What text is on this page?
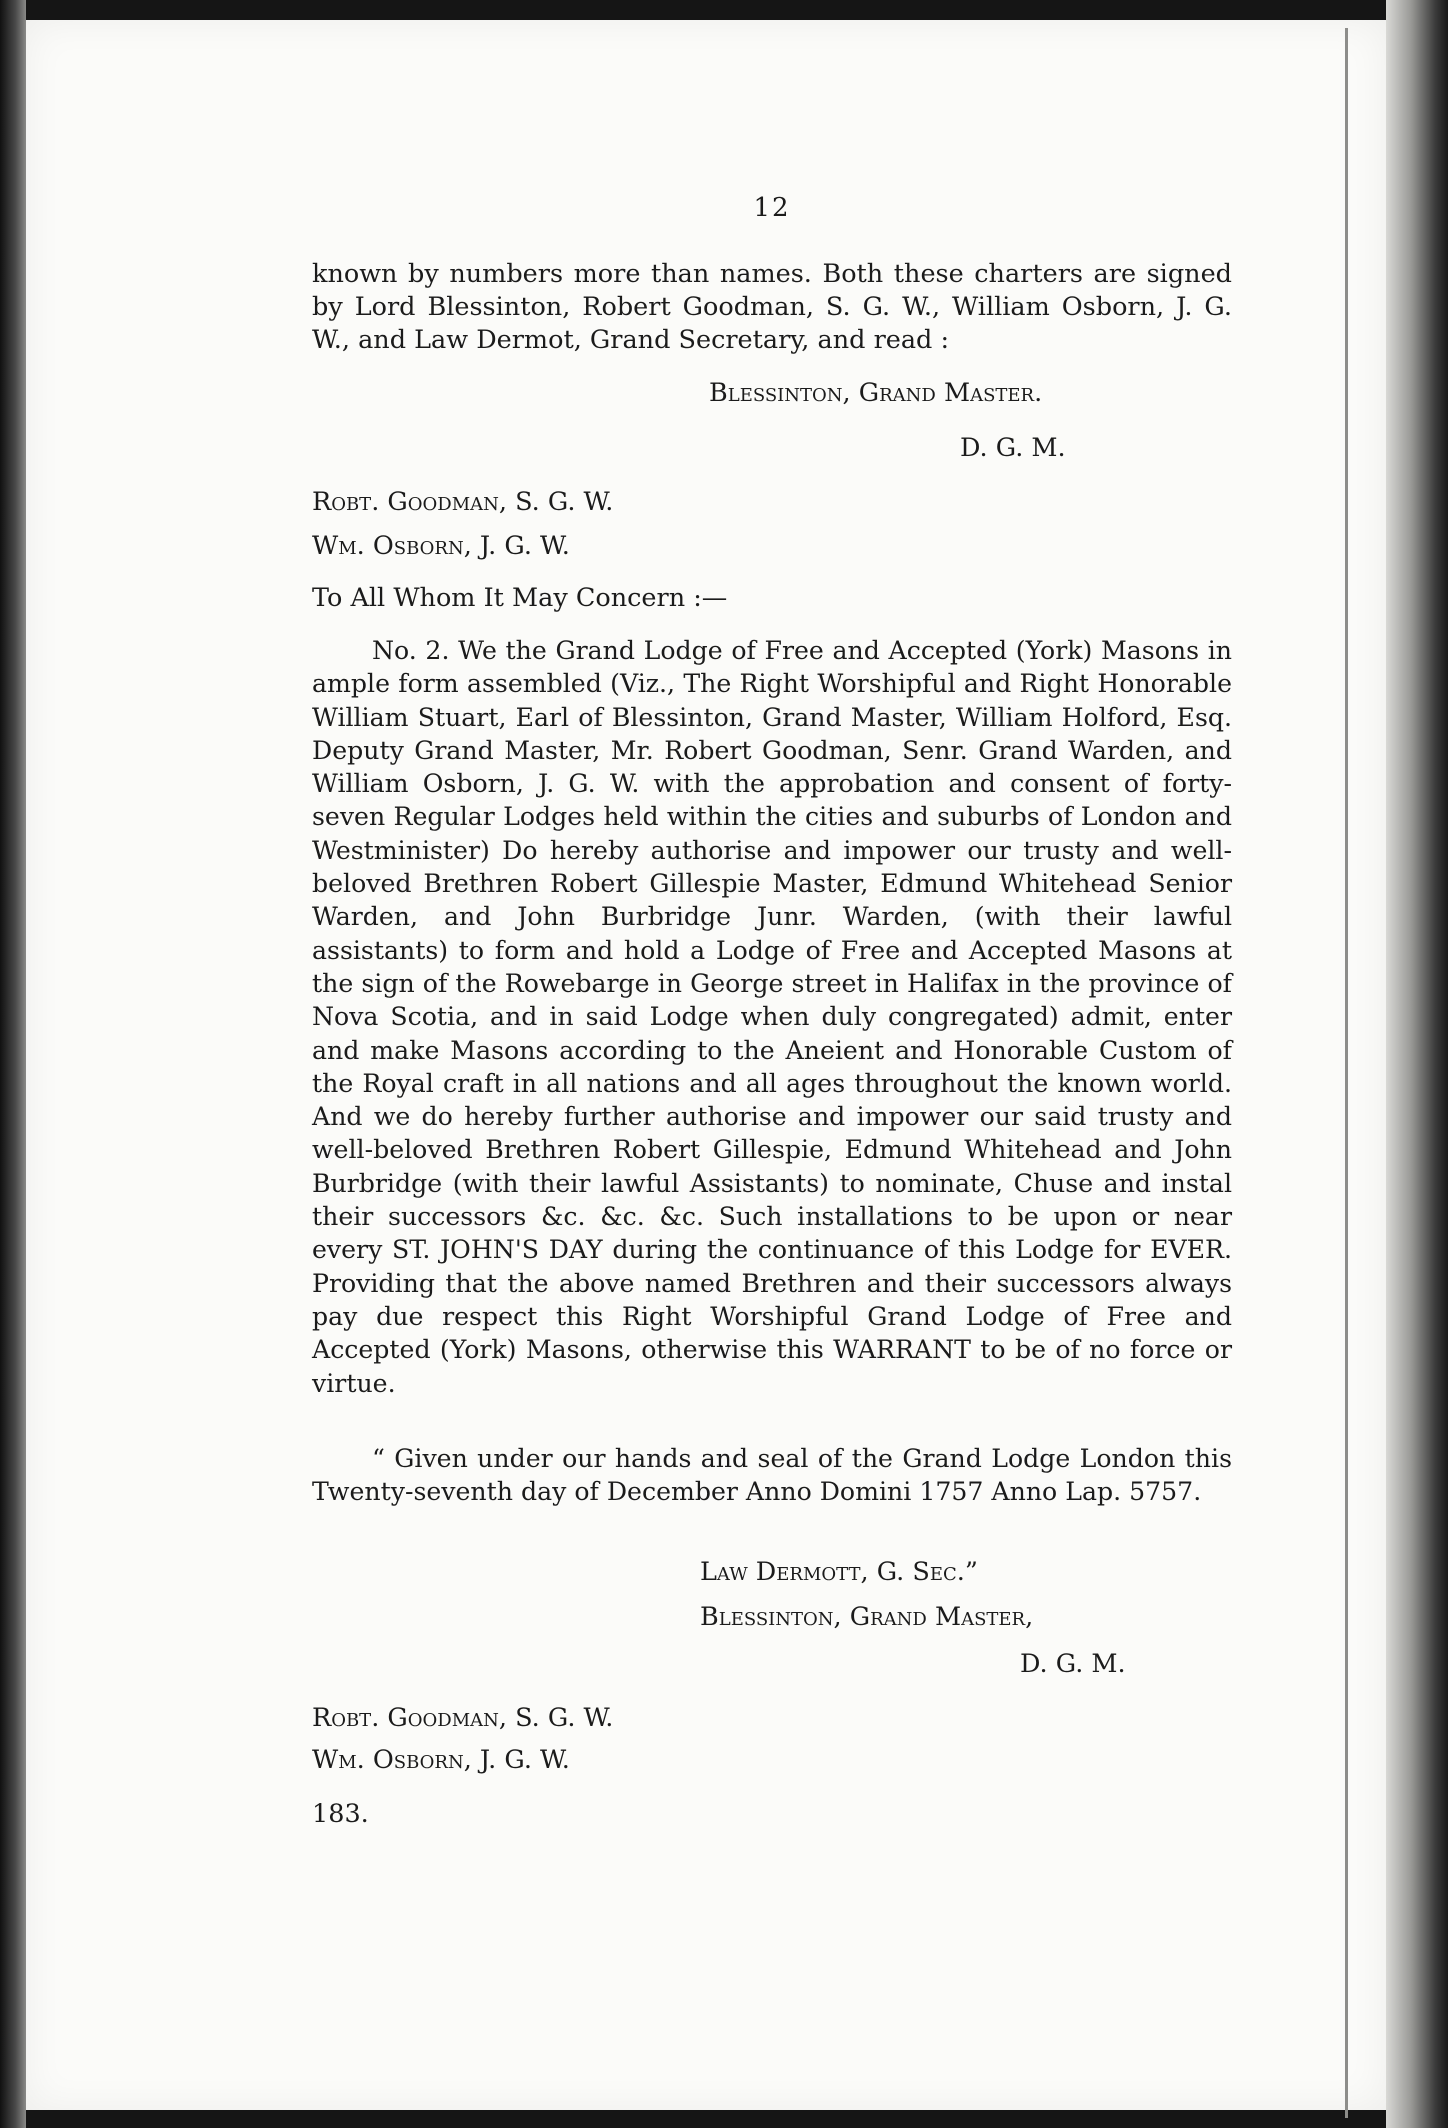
12
known by numbers more than names. Both these charters are signed by Lord Blessinton, Robert Goodman, S. G. W., William Osborn, J. G. W., and Law Dermot, Grand Secretary, and read :
Blessinton, Grand Master.
D. G. M.
Robt. Goodman, S. G. W.
Wm. Osborn, J. G. W.
To All Whom It May Concern :—
No. 2. We the Grand Lodge of Free and Accepted (York) Masons in ample form assembled (Viz., The Right Worshipful and Right Honorable William Stuart, Earl of Blessinton, Grand Master, William Holford, Esq. Deputy Grand Master, Mr. Robert Goodman, Senr. Grand Warden, and William Osborn, J. G. W. with the approbation and consent of forty-seven Regular Lodges held within the cities and suburbs of London and Westminister) Do hereby authorise and impower our trusty and well-beloved Brethren Robert Gillespie Master, Edmund Whitehead Senior Warden, and John Burbridge Junr. Warden, (with their lawful assistants) to form and hold a Lodge of Free and Accepted Masons at the sign of the Rowebarge in George street in Halifax in the province of Nova Scotia, and in said Lodge when duly congregated) admit, enter and make Masons according to the Aneient and Honorable Custom of the Royal craft in all nations and all ages throughout the known world. And we do hereby further authorise and impower our said trusty and well-beloved Brethren Robert Gillespie, Edmund Whitehead and John Burbridge (with their lawful Assistants) to nominate, Chuse and instal their successors &c. &c. &c. Such installations to be upon or near every ST. JOHN'S DAY during the continuance of this Lodge for EVER. Providing that the above named Brethren and their successors always pay due respect this Right Worshipful Grand Lodge of Free and Accepted (York) Masons, otherwise this WARRANT to be of no force or virtue.
“ Given under our hands and seal of the Grand Lodge London this Twenty-seventh day of December Anno Domini 1757 Anno Lap. 5757.
Law Dermott, G. Sec.”
Blessinton, Grand Master,
D. G. M.
Robt. Goodman, S. G. W.
Wm. Osborn, J. G. W.
183.
